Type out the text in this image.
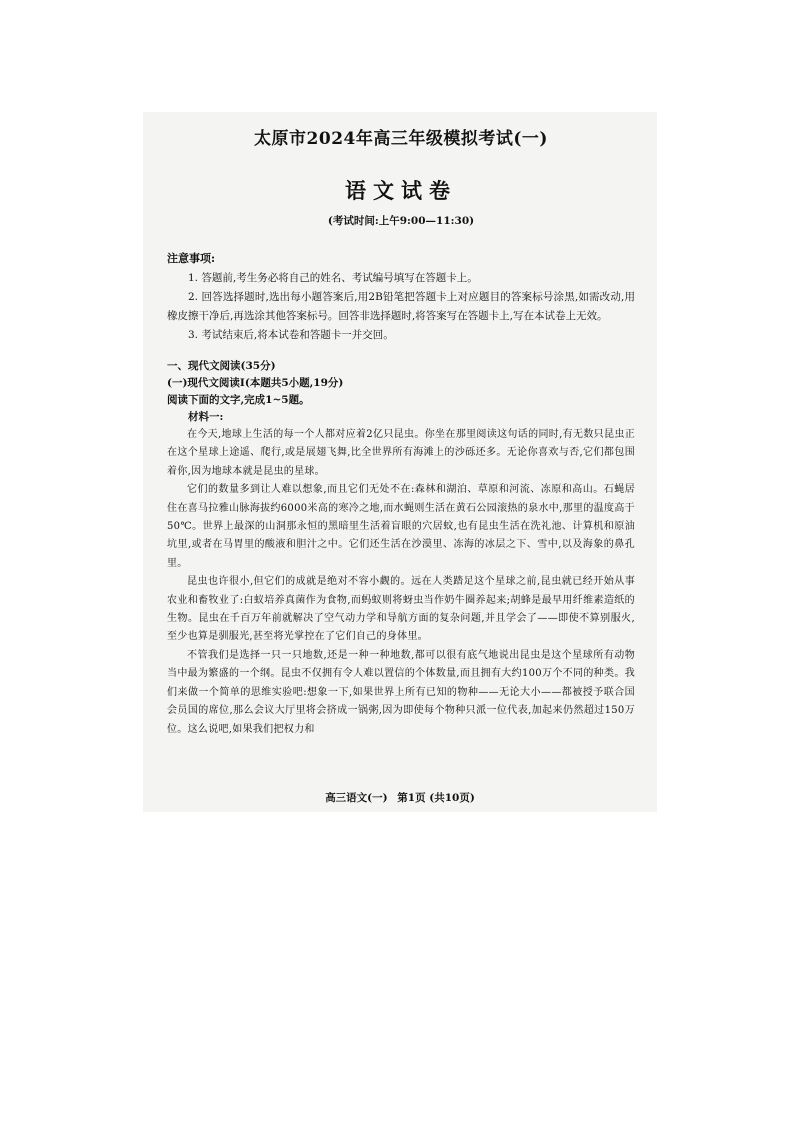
太原市2024年高三年级模拟考试(一)
语文试卷
(考试时间:上午9:00—11:30)
注意事项:

1. 答题前,考生务必将自己的姓名、考试编号填写在答题卡上。

2. 回答选择题时,选出每小题答案后,用2B铅笔把答题卡上对应题目的答案标号涂黑,如需改动,用橡皮擦干净后,再选涂其他答案标号。回答非选择题时,将答案写在答题卡上,写在本试卷上无效。

3. 考试结束后,将本试卷和答题卡一并交回。

一、现代文阅读(35分)
(一)现代文阅读Ⅰ(本题共5小题,19分)
阅读下面的文字,完成1~5题。
材料一:

在今天,地球上生活的每一个人都对应着2亿只昆虫。你坐在那里阅读这句话的同时,有无数只昆虫正在这个星球上途遥、爬行,或是展翅飞舞,比全世界所有海滩上的沙砾还多。无论你喜欢与否,它们都包围着你,因为地球本就是昆虫的星球。

它们的数量多到让人难以想象,而且它们无处不在:森林和湖泊、草原和河流、冻原和高山。石蝇居住在喜马拉雅山脉海拔约6000米高的寒冷之地,而水蝇则生活在黄石公园滚热的泉水中,那里的温度高于50℃。世界上最深的山洞那永恒的黑暗里生活着盲眼的穴居蚊,也有昆虫生活在洗礼池、计算机和原油坑里,或者在马胃里的酸液和胆汁之中。它们还生活在沙漠里、冻海的冰层之下、雪中,以及海象的鼻孔里。

昆虫也许很小,但它们的成就是绝对不容小觑的。远在人类踏足这个星球之前,昆虫就已经开始从事农业和畜牧业了:白蚁培养真菌作为食物,而蚂蚁则将蚜虫当作奶牛圈养起来;胡蜂是最早用纤维素造纸的生物。昆虫在千百万年前就解决了空气动力学和导航方面的复杂问题,并且学会了——即使不算别服火,至少也算是驯服光,甚至将光掌控在了它们自己的身体里。

不管我们是选择一只一只地数,还是一种一种地数,都可以很有底气地说出昆虫是这个星球所有动物当中最为繁盛的一个纲。昆虫不仅拥有令人难以置信的个体数量,而且拥有大约100万个不同的种类。我们来做一个简单的思维实验吧:想象一下,如果世界上所有已知的物种——无论大小——都被授予联合国会员国的席位,那么会议大厅里将会挤成一锅粥,因为即使每个物种只派一位代表,加起来仍然超过150万位。这么说吧,如果我们把权力和

高三语文(一) 第1页 (共10页)
